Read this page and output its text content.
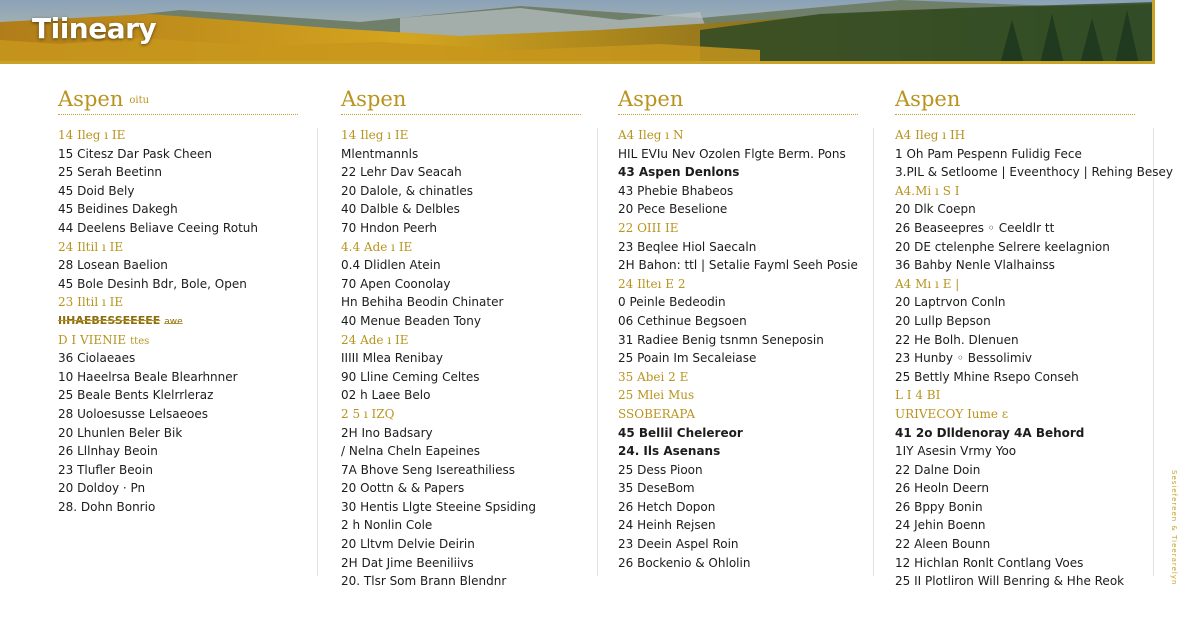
Tiineary
Aspen oitu
14 Ileg ı IE
15 Citesz Dar Pask Cheen
25 Serah Beetinn
45 Doid Bely
45 Beidines Dakegh
44 Deelens Beliave Ceeing Rotuh
24 Iltil ı IE
28 Losean Baelion
45 Bole Desinh Bdr, Bole, Open
23 Iltil ı IE
IIHAEBESSEEEEE awe
D I VIENIE ttes
36 Ciolaeaes
10 Haeelrsa Beale Blearhnner
25 Beale Bents Klelrrleraz
28 Uoloesusse Lelsaeoes
20 Lhunlen Beler Bik
26 Lllnhay Beoin
23 Tlufler Beoin
20 Doldoy · Pn
28. Dohn Bonrio
Aspen
14 Ileg ı IE
Mlentmannls
22 Lehr Dav Seacah
20 Dalole, & chinatles
40 Dalble & Delbles
70 Hndon Peerh
4.4 Ade ı IE
0.4 Dlidlen Atein
70 Apen Coonolay
Hn Behiha Beodin Chinater
40 Menue Beaden Tony
24 Ade ı IE
IIIII Mlea Renibay
90 Lline Ceming Celtes
02 h Laee Belo
2 5 ı IZQ
2H Ino Badsary
/ Nelna Cheln Eapeines
7A Bhove Seng Isereathiliess
20 Oottn & & Papers
30 Hentis Llgte Steeine Spsiding
2 h Nonlin Cole
20 Lltvm Delvie Deirin
2H Dat Jime Beeniliivs
20. Tlsr Som Brann Blendnr
Aspen
A4 Ileg ı N
HIL EVIu Nev Ozolen Flgte Berm. Pons
43 Aspen Denlons
43 Phebie Bhabeos
20 Pece Beselione
22 OIII IE
23 Beqlee Hiol Saecaln
2H Bahon: ttl | Setalie Fayml Seeh Posie
24 Ilteı E 2
0 Peinle Bedeodin
06 Cethinue Begsoen
31 Radiee Benig tsnmn Seneposin
25 Poain Im Secaleiase
35 Abei 2 E
25 Mlei Mus
SSOBERAPA
45 Bellil Chelereor
24. Ils Asenans
25 Dess Pioon
35 DeseBom
26 Hetch Dopon
24 Heinh Rejsen
23 Deein Aspel Roin
26 Bockenio & Ohlolin
Aspen
A4 Ileg ı IH
1 Oh Pam Pespenn Fulidig Fece
3.PIL & Setloome | Eveenthocy | Rehing Besey
A4.Mi ı S I
20 Dlk Coepn
26 Beaseepres ◦ Ceeldlr tt
20 DE ctelenphe Selrere keelagnion
36 Bahby Nenle Vlalhainss
A4 Mı ı E |
20 Laptrvon Conln
20 Lullp Bepson
22 He Bolh. Dlenuen
23 Hunby ◦ Bessolimiv
25 Bettly Mhine Rsepo Conseh
L I 4 BI
URIVECOY Iume ε
41 2o Dlldenoray 4A Behord
1IY Asesin Vrmy Yoo
22 Dalne Doin
26 Heoln Deern
26 Bppy Bonin
24 Jehin Boenn
22 Aleen Bounn
12 Hichlan Ronlt Contlang Voes
25 II Plotliron Will Benring & Hhe Reok	Sesiefereen & Tieerarelyn
